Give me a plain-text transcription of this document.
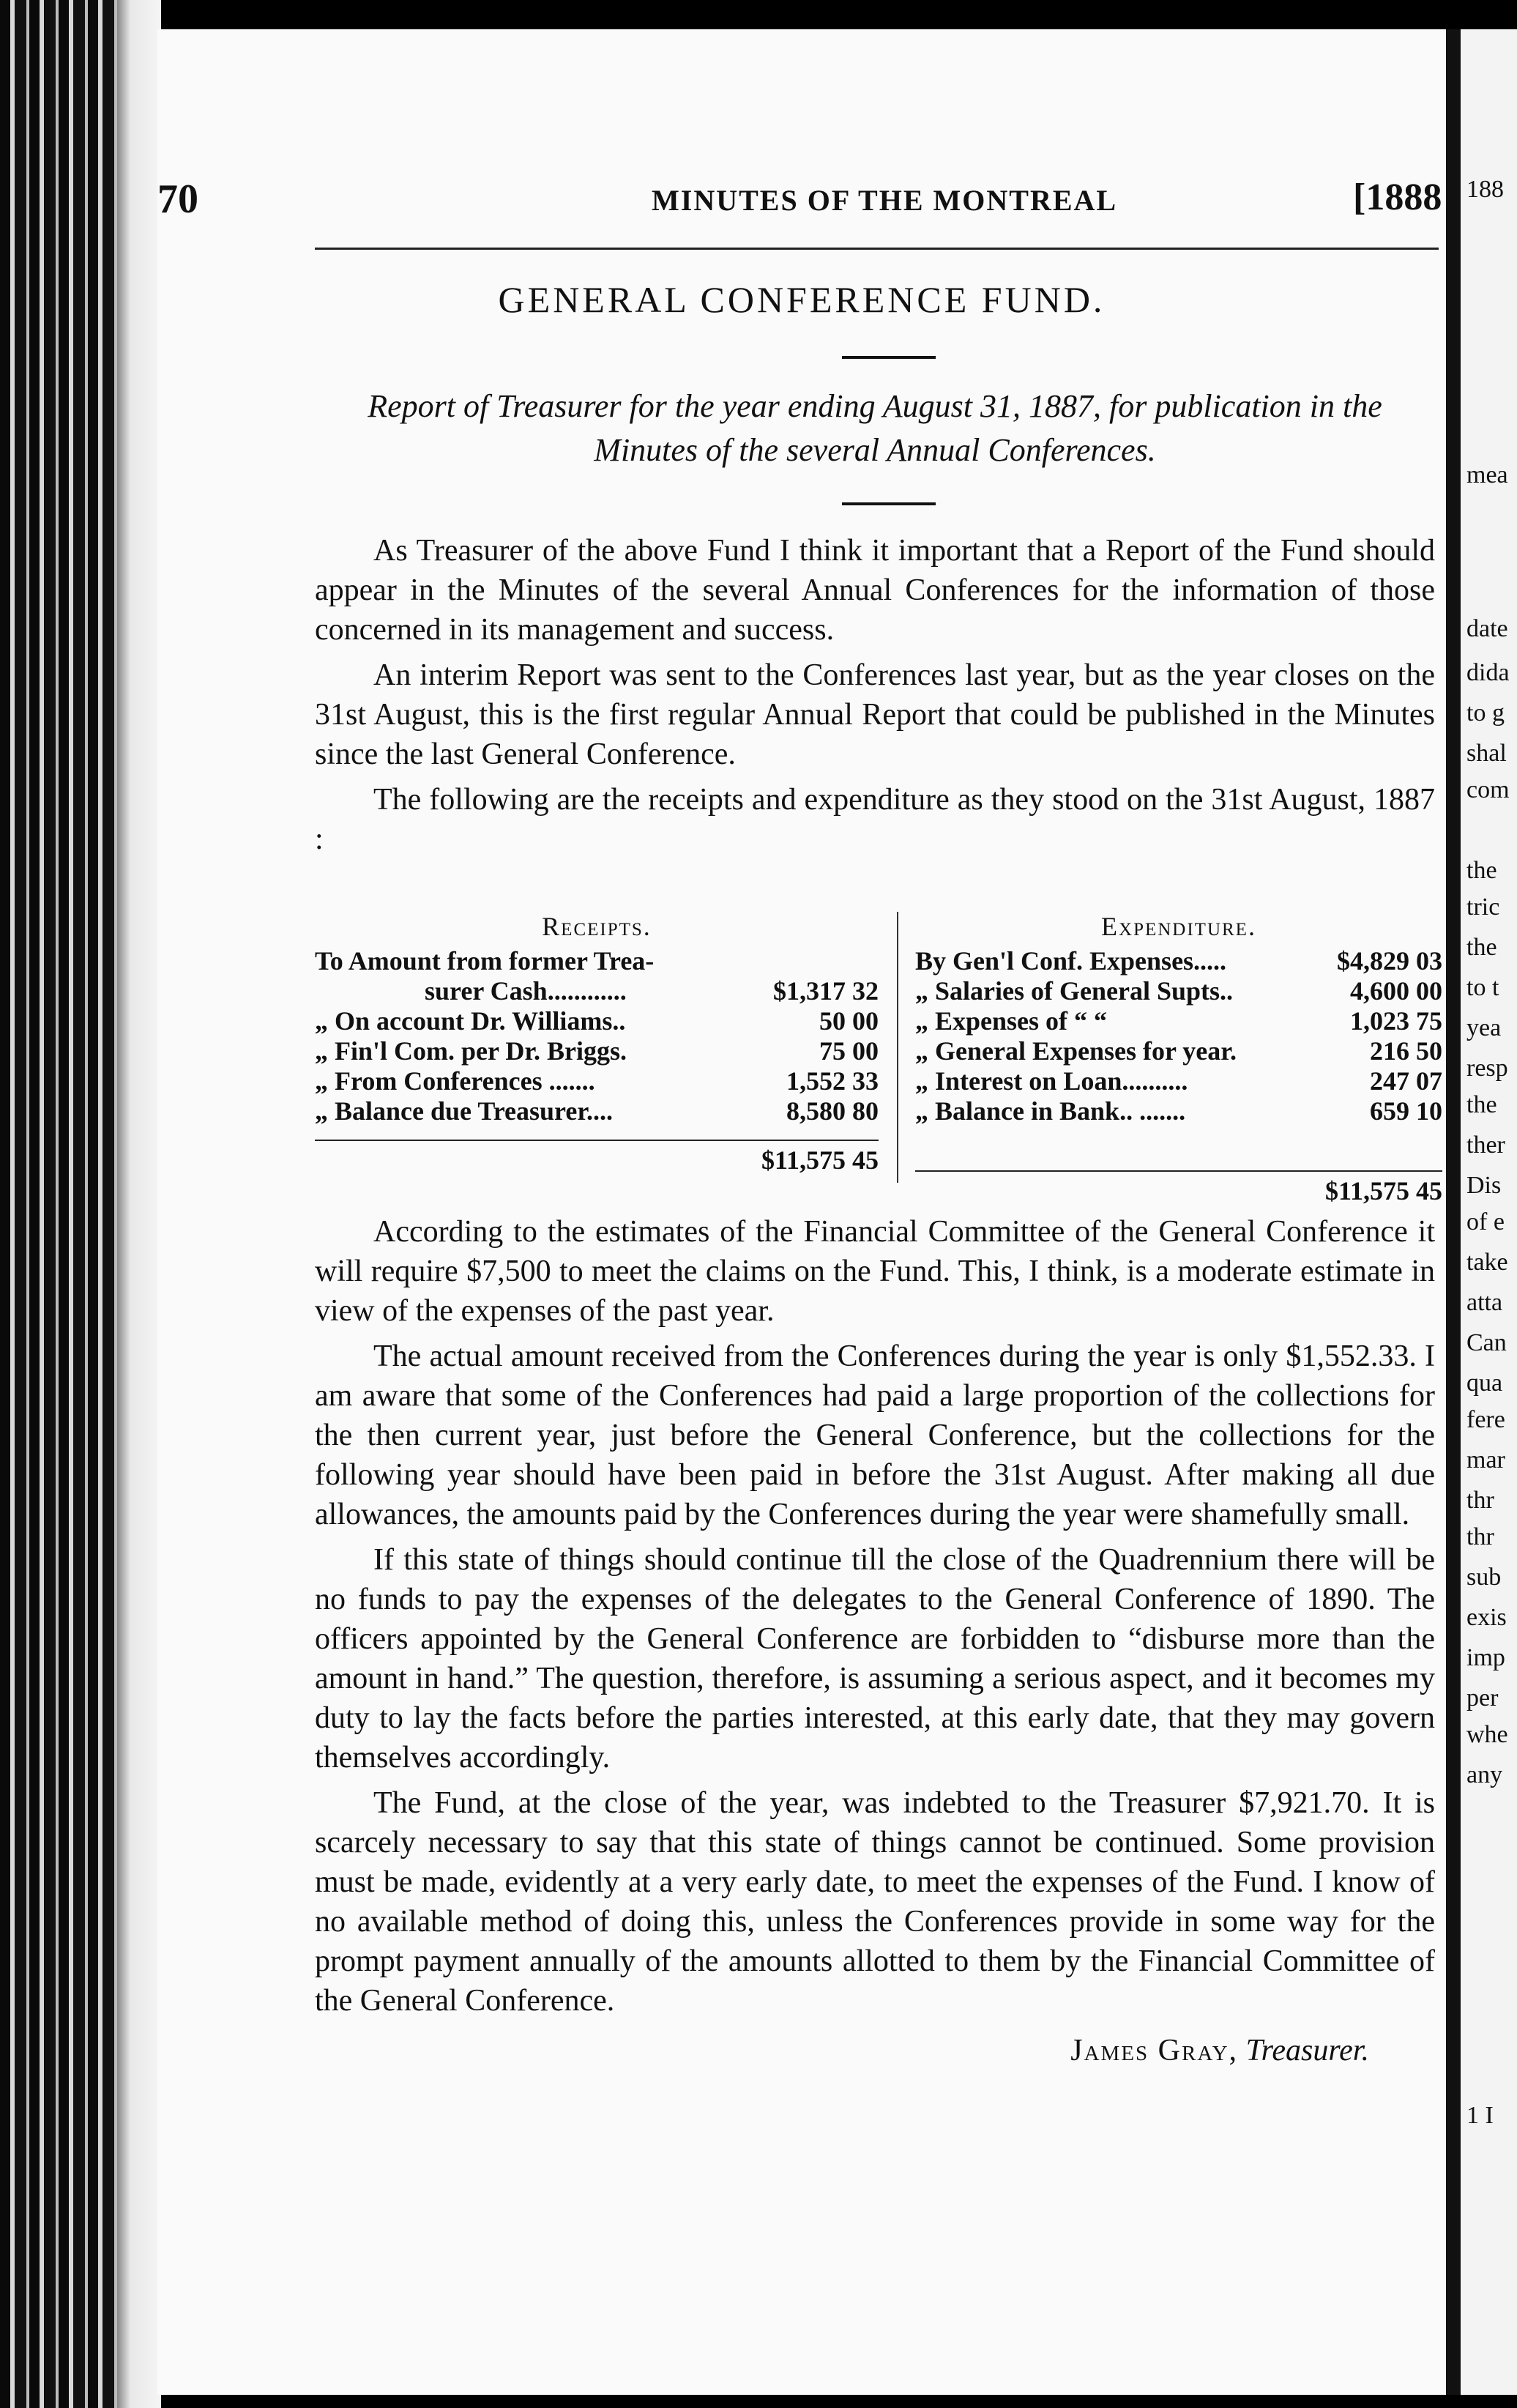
188
mea
date
dida
to g
shal
com
the
tric
the
to t
yea
resp
the
ther
Dis
of e
take
atta
Can
qua
fere
mar
thr
thr
sub
exis
imp
per
whe
any
1 I
70	MINUTES OF THE MONTREAL	[1888
GENERAL CONFERENCE FUND.
Report of Treasurer for the year ending August 31, 1887, for publication in the Minutes of the several Annual Conferences.

As Treasurer of the above Fund I think it important that a Report of the Fund should appear in the Minutes of the several Annual Conferences for the information of those concerned in its management and success.

An interim Report was sent to the Conferences last year, but as the year closes on the 31st August, this is the first regular Annual Report that could be published in the Minutes since the last General Conference.

The following are the receipts and expenditure as they stood on the 31st August, 1887 :

Receipts.
To Amount from former Trea-
surer Cash............	$1,317 32
„ On account Dr. Williams..	50 00
„ Fin'l Com. per Dr. Briggs.	75 00
„ From Conferences .......	1,552 33
„ Balance due Treasurer....	8,580 80
$11,575 45
Expenditure.
By Gen'l Conf. Expenses.....	$4,829 03
„ Salaries of General Supts..	4,600 00
„ Expenses of “ “	1,023 75
„ General Expenses for year.	216 50
„ Interest on Loan..........	247 07
„ Balance in Bank.. .......	659 10
$11,575 45

According to the estimates of the Financial Committee of the General Conference it will require $7,500 to meet the claims on the Fund. This, I think, is a moderate estimate in view of the expenses of the past year.

The actual amount received from the Conferences during the year is only $1,552.33. I am aware that some of the Conferences had paid a large proportion of the collections for the then current year, just before the General Conference, but the collections for the following year should have been paid in before the 31st August. After making all due allowances, the amounts paid by the Conferences during the year were shamefully small.

If this state of things should continue till the close of the Quadrennium there will be no funds to pay the expenses of the delegates to the General Conference of 1890. The officers appointed by the General Conference are forbidden to “disburse more than the amount in hand.” The question, therefore, is assuming a serious aspect, and it becomes my duty to lay the facts before the parties interested, at this early date, that they may govern themselves accordingly.

The Fund, at the close of the year, was indebted to the Treasurer $7,921.70. It is scarcely necessary to say that this state of things cannot be continued. Some provision must be made, evidently at a very early date, to meet the expenses of the Fund. I know of no available method of doing this, unless the Conferences provide in some way for the prompt payment annually of the amounts allotted to them by the Financial Committee of the General Conference.

James Gray, Treasurer.
